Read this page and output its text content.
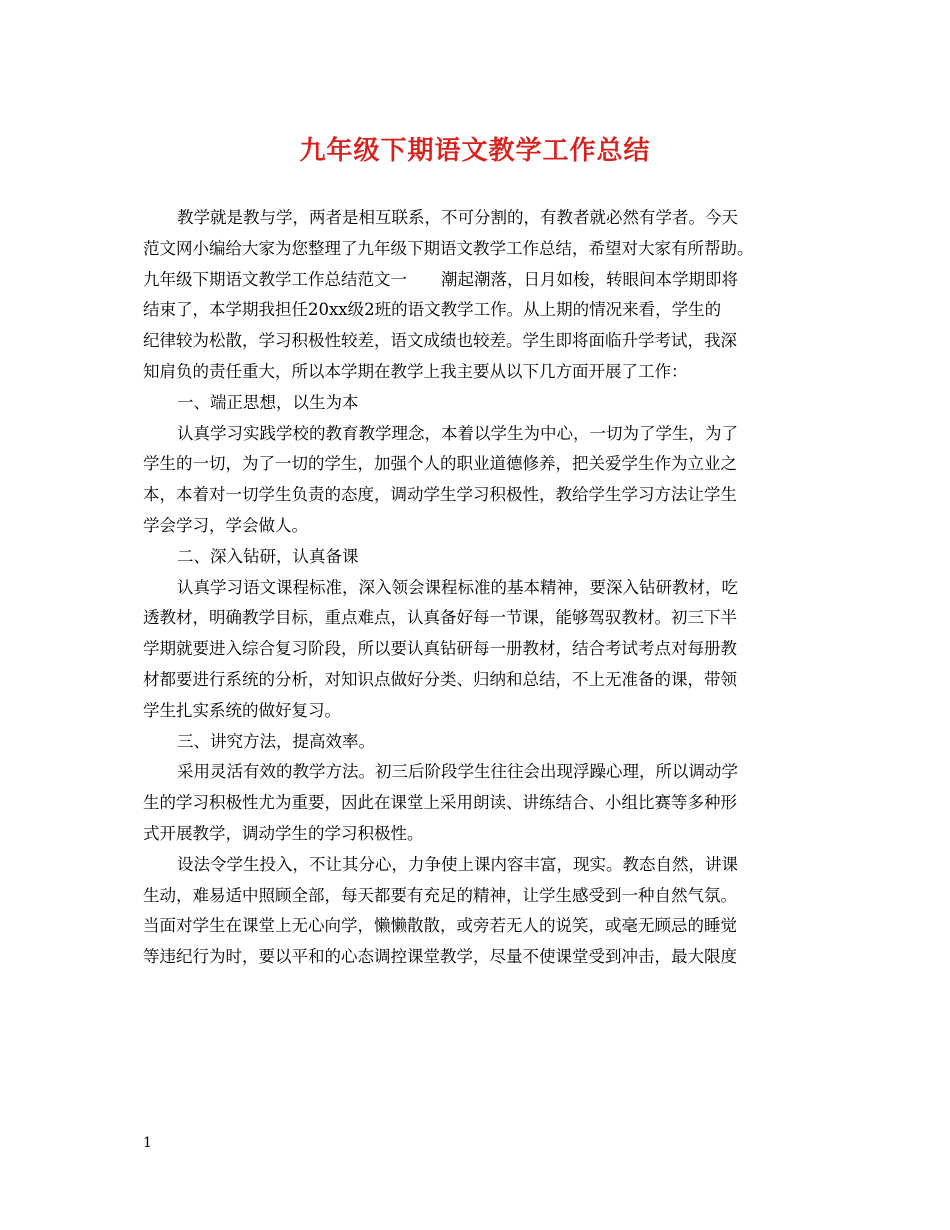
九年级下期语文教学工作总结
教学就是教与学，两者是相互联系，不可分割的，有教者就必然有学者。今天
范文网小编给大家为您整理了九年级下期语文教学工作总结，希望对大家有所帮助。
九年级下期语文教学工作总结范文一 潮起潮落，日月如梭，转眼间本学期即将
结束了，本学期我担任20xx级2班的语文教学工作。从上期的情况来看，学生的
纪律较为松散，学习积极性较差，语文成绩也较差。学生即将面临升学考试，我深
知肩负的责任重大，所以本学期在教学上我主要从以下几方面开展了工作：
一、端正思想，以生为本
认真学习实践学校的教育教学理念，本着以学生为中心，一切为了学生，为了
学生的一切，为了一切的学生，加强个人的职业道德修养，把关爱学生作为立业之
本，本着对一切学生负责的态度，调动学生学习积极性，教给学生学习方法让学生
学会学习，学会做人。
二、深入钻研，认真备课
认真学习语文课程标准，深入领会课程标准的基本精神，要深入钻研教材，吃
透教材，明确教学目标，重点难点，认真备好每一节课，能够驾驭教材。初三下半
学期就要进入综合复习阶段，所以要认真钻研每一册教材，结合考试考点对每册教
材都要进行系统的分析，对知识点做好分类、归纳和总结，不上无准备的课，带领
学生扎实系统的做好复习。
三、讲究方法，提高效率。
采用灵活有效的教学方法。初三后阶段学生往往会出现浮躁心理，所以调动学
生的学习积极性尤为重要，因此在课堂上采用朗读、讲练结合、小组比赛等多种形
式开展教学，调动学生的学习积极性。
设法令学生投入，不让其分心，力争使上课内容丰富，现实。教态自然，讲课
生动，难易适中照顾全部，每天都要有充足的精神，让学生感受到一种自然气氛。
当面对学生在课堂上无心向学，懒懒散散，或旁若无人的说笑，或毫无顾忌的睡觉
等违纪行为时，要以平和的心态调控课堂教学，尽量不使课堂受到冲击，最大限度
1
